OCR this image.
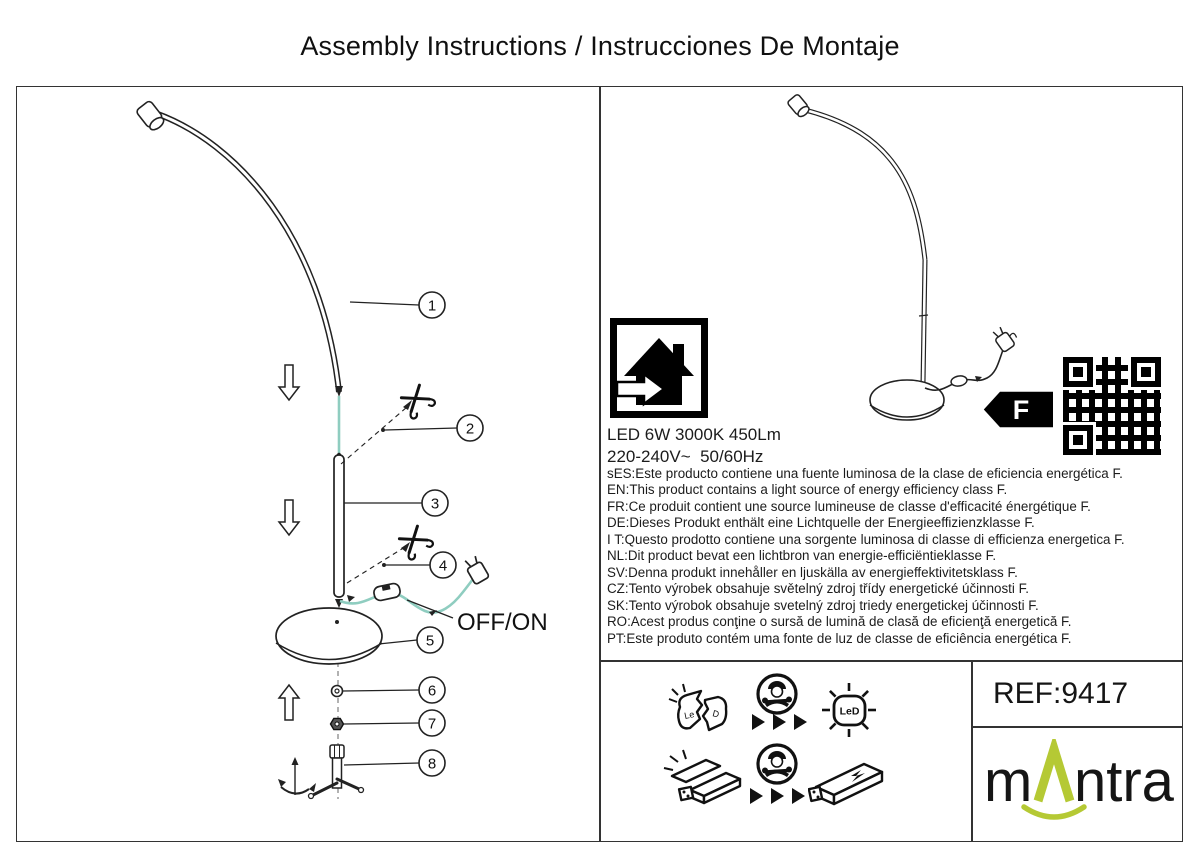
Assembly Instructions / Instrucciones De Montaje
OFF/ON
1
2
3
4
5
6
7
8
F
LED 6W 3000K 450Lm
220-240V~  50/60Hz
sES:Este producto contiene una fuente luminosa de la clase de eficiencia energética F.
EN:This product contains a light source of energy efficiency class F.
FR:Ce produit contient une source lumineuse de classe d'efficacité énergétique F.
DE:Dieses Produkt enthält eine Lichtquelle der Energieeffizienzklasse F.
I T:Questo prodotto contiene una sorgente luminosa di classe di efficienza energetica F.
NL:Dit product bevat een lichtbron van energie-efficiëntieklasse F.
SV:Denna produkt innehåller en ljuskälla av energieffektivitetsklass F.
CZ:Tento výrobek obsahuje světelný zdroj třídy energetické účinnosti F.
SK:Tento výrobok obsahuje svetelný zdroj triedy energetickej účinnosti F.
RO:Acest produs conţine o sursă de lumină de clasă de eficienţă energetică F.
PT:Este produto contém uma fonte de luz de classe de eficiência energética F.
Le D	LeD
REF:9417
m ntra
